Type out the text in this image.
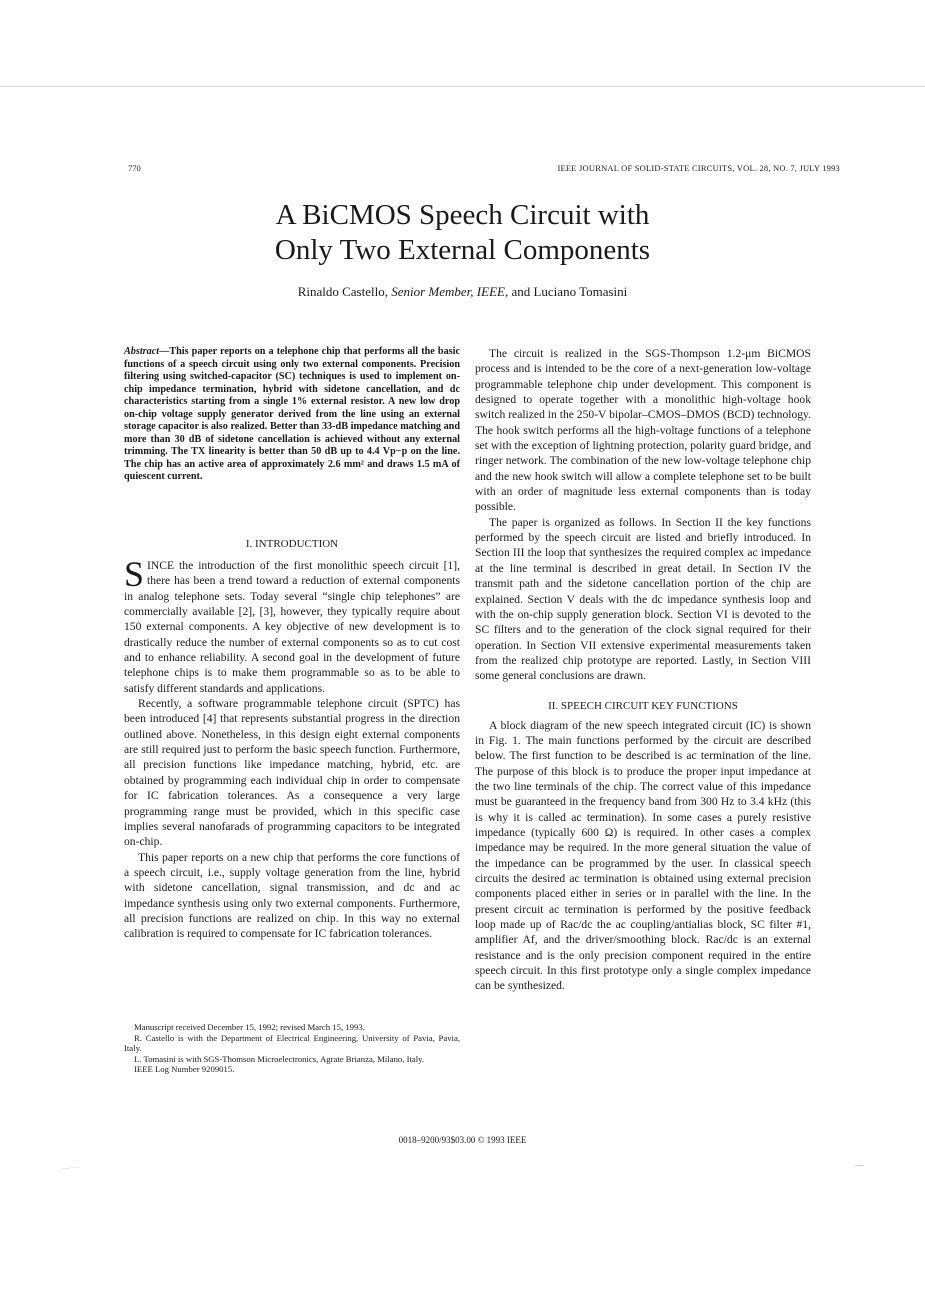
770	IEEE JOURNAL OF SOLID-STATE CIRCUITS, VOL. 28, NO. 7, JULY 1993
A BiCMOS Speech Circuit with
Only Two External Components
Rinaldo Castello, Senior Member, IEEE, and Luciano Tomasini
Abstract—This paper reports on a telephone chip that performs all the basic functions of a speech circuit using only two external components. Precision filtering using switched-capacitor (SC) techniques is used to implement on-chip impedance termination, hybrid with sidetone cancellation, and dc characteristics starting from a single 1% external resistor. A new low drop on-chip voltage supply generator derived from the line using an external storage capacitor is also realized. Better than 33-dB impedance matching and more than 30 dB of sidetone cancellation is achieved without any external trimming. The TX linearity is better than 50 dB up to 4.4 Vp−p on the line. The chip has an active area of approximately 2.6 mm² and draws 1.5 mA of quiescent current.
I. INTRODUCTION

SINCE the introduction of the first monolithic speech circuit [1], there has been a trend toward a reduction of external components in analog telephone sets. Today several “single chip telephones” are commercially available [2], [3], however, they typically require about 150 external components. A key objective of new development is to drastically reduce the number of external components so as to cut cost and to enhance reliability. A second goal in the development of future telephone chips is to make them programmable so as to be able to satisfy different standards and applications.

Recently, a software programmable telephone circuit (SPTC) has been introduced [4] that represents substantial progress in the direction outlined above. Nonetheless, in this design eight external components are still required just to perform the basic speech function. Furthermore, all precision functions like impedance matching, hybrid, etc. are obtained by programming each individual chip in order to compensate for IC fabrication tolerances. As a consequence a very large programming range must be provided, which in this specific case implies several nanofarads of programming capacitors to be integrated on-chip.

This paper reports on a new chip that performs the core functions of a speech circuit, i.e., supply voltage generation from the line, hybrid with sidetone cancellation, signal transmission, and dc and ac impedance synthesis using only two external components. Furthermore, all precision functions are realized on chip. In this way no external calibration is required to compensate for IC fabrication tolerances.

Manuscript received December 15, 1992; revised March 15, 1993.
R. Castello is with the Department of Electrical Engineering, University of Pavia, Pavia, Italy.
L. Tomasini is with SGS-Thomson Microelectronics, Agrate Brianza, Milano, Italy.
IEEE Log Number 9209015.

The circuit is realized in the SGS-Thompson 1.2-μm BiCMOS process and is intended to be the core of a next-generation low-voltage programmable telephone chip under development. This component is designed to operate together with a monolithic high-voltage hook switch realized in the 250-V bipolar–CMOS–DMOS (BCD) technology. The hook switch performs all the high-voltage functions of a telephone set with the exception of lightning protection, polarity guard bridge, and ringer network. The combination of the new low-voltage telephone chip and the new hook switch will allow a complete telephone set to be built with an order of magnitude less external components than is today possible.

The paper is organized as follows. In Section II the key functions performed by the speech circuit are listed and briefly introduced. In Section III the loop that synthesizes the required complex ac impedance at the line terminal is described in great detail. In Section IV the transmit path and the sidetone cancellation portion of the chip are explained. Section V deals with the dc impedance synthesis loop and with the on-chip supply generation block. Section VI is devoted to the SC filters and to the generation of the clock signal required for their operation. In Section VII extensive experimental measurements taken from the realized chip prototype are reported. Lastly, in Section VIII some general conclusions are drawn.

II. SPEECH CIRCUIT KEY FUNCTIONS

A block diagram of the new speech integrated circuit (IC) is shown in Fig. 1. The main functions performed by the circuit are described below. The first function to be described is ac termination of the line. The purpose of this block is to produce the proper input impedance at the two line terminals of the chip. The correct value of this impedance must be guaranteed in the frequency band from 300 Hz to 3.4 kHz (this is why it is called ac termination). In some cases a purely resistive impedance (typically 600 Ω) is required. In other cases a complex impedance may be required. In the more general situation the value of the impedance can be programmed by the user. In classical speech circuits the desired ac termination is obtained using external precision components placed either in series or in parallel with the line. In the present circuit ac termination is performed by the positive feedback loop made up of Rac/dc the ac coupling/antialias block, SC filter #1, amplifier Af, and the driver/smoothing block. Rac/dc is an external resistance and is the only precision component required in the entire speech circuit. In this first prototype only a single complex impedance can be synthesized.

0018–9200/93$03.00 © 1993 IEEE
— ·· ·
